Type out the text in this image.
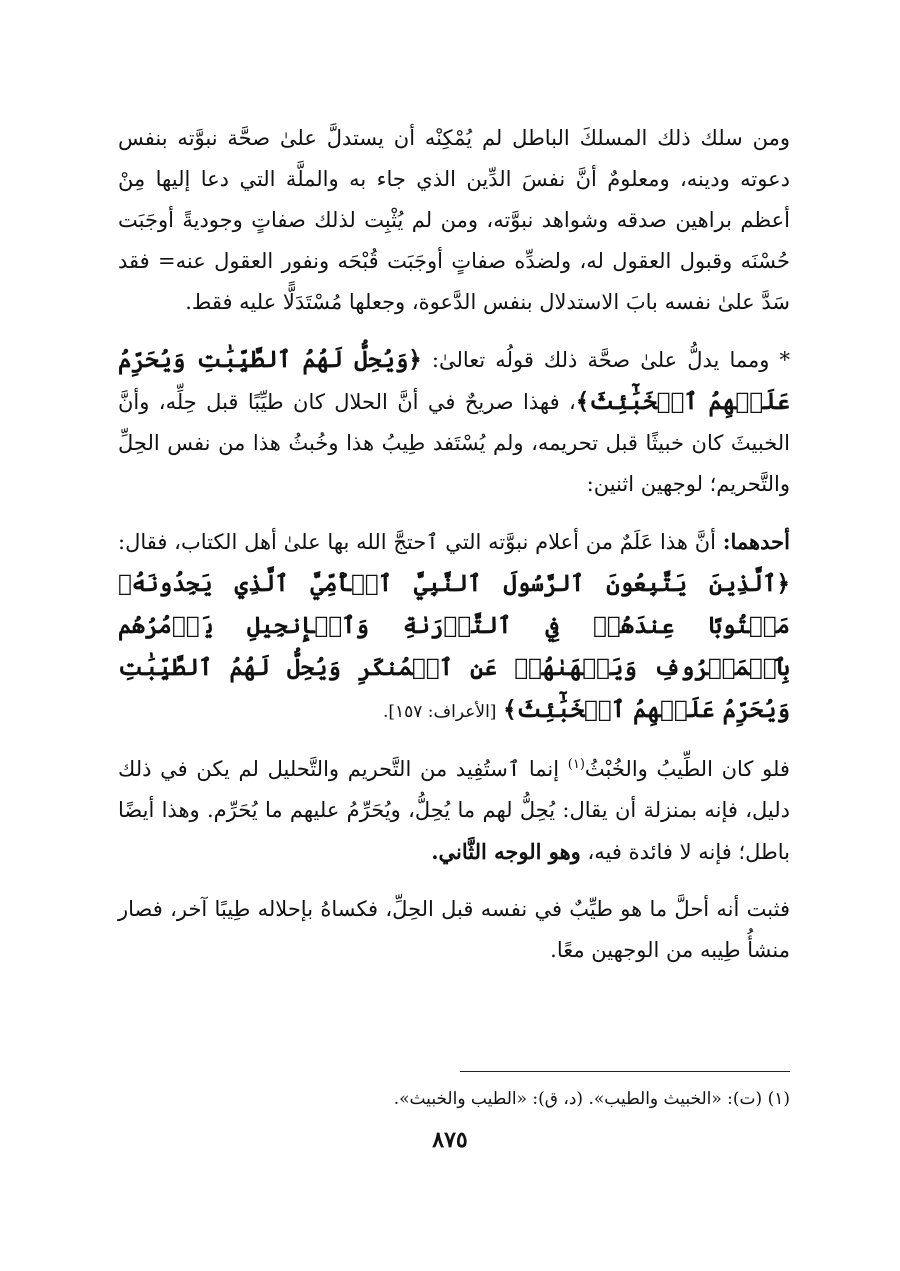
ومن سلك ذلك المسلكَ الباطل لم يُمْكِنْه أن يستدلَّ علىٰ صحَّة نبوَّته بنفس دعوته ودينه، ومعلومٌ أنَّ نفسَ الدِّين الذي جاء به والملَّة التي دعا إليها مِنْ أعظم براهين صدقه وشواهد نبوَّته، ومن لم يُثْبِت لذلك صفاتٍ وجوديةً أوجَبَت حُسْنَه وقبول العقول له، ولضدِّه صفاتٍ أوجَبَت قُبْحَه ونفور العقول عنه= فقد سَدَّ علىٰ نفسه بابَ الاستدلال بنفس الدَّعوة، وجعلها مُسْتَدَلًّا عليه فقط.

* ومما يدلُّ علىٰ صحَّة ذلك قولُه تعالىٰ: ﴿وَيُحِلُّ لَهُمُ ٱلطَّيِّبَٰتِ وَيُحَرِّمُ عَلَيۡهِمُ ٱلۡخَبَٰٓئِثَ﴾، فهذا صريحٌ في أنَّ الحلال كان طيِّبًا قبل حِلِّه، وأنَّ الخبيثَ كان خبيثًا قبل تحريمه، ولم يُسْتَفد طِيبُ هذا وخُبثُ هذا من نفس الحِلِّ والتَّحريم؛ لوجهين اثنين:

أحدهما: أنَّ هذا عَلَمٌ من أعلام نبوَّته التي ٱحتجَّ الله بها علىٰ أهل الكتاب، فقال: ﴿ٱلَّذِينَ يَتَّبِعُونَ ٱلرَّسُولَ ٱلنَّبِيَّ ٱلۡأُمِّيَّ ٱلَّذِي يَجِدُونَهُۥ مَكۡتُوبًا عِندَهُمۡ فِي ٱلتَّوۡرَىٰةِ وَٱلۡإِنجِيلِ يَأۡمُرُهُم بِٱلۡمَعۡرُوفِ وَيَنۡهَىٰهُمۡ عَنِ ٱلۡمُنكَرِ وَيُحِلُّ لَهُمُ ٱلطَّيِّبَٰتِ وَيُحَرِّمُ عَلَيۡهِمُ ٱلۡخَبَٰٓئِثَ﴾ [الأعراف: ١٥٧].

فلو كان الطِّيبُ والخُبْثُ$^{(١)}$ إنما ٱستُفِيد من التَّحريم والتَّحليل لم يكن في ذلك دليل، فإنه بمنزلة أن يقال: يُحِلُّ لهم ما يُحِلُّ، ويُحَرِّمُ عليهم ما يُحَرِّم. وهذا أيضًا باطل؛ فإنه لا فائدة فيه، وهو الوجه الثَّاني.

فثبت أنه أحلَّ ما هو طيِّبٌ في نفسه قبل الحِلِّ، فكساهُ بإحلاله طِيبًا آخر، فصار منشأُ طِيبه من الوجهين معًا.

(١) (ت): «الخبيث والطيب». (د، ق): «الطيب والخبيث».

٨٧٥
